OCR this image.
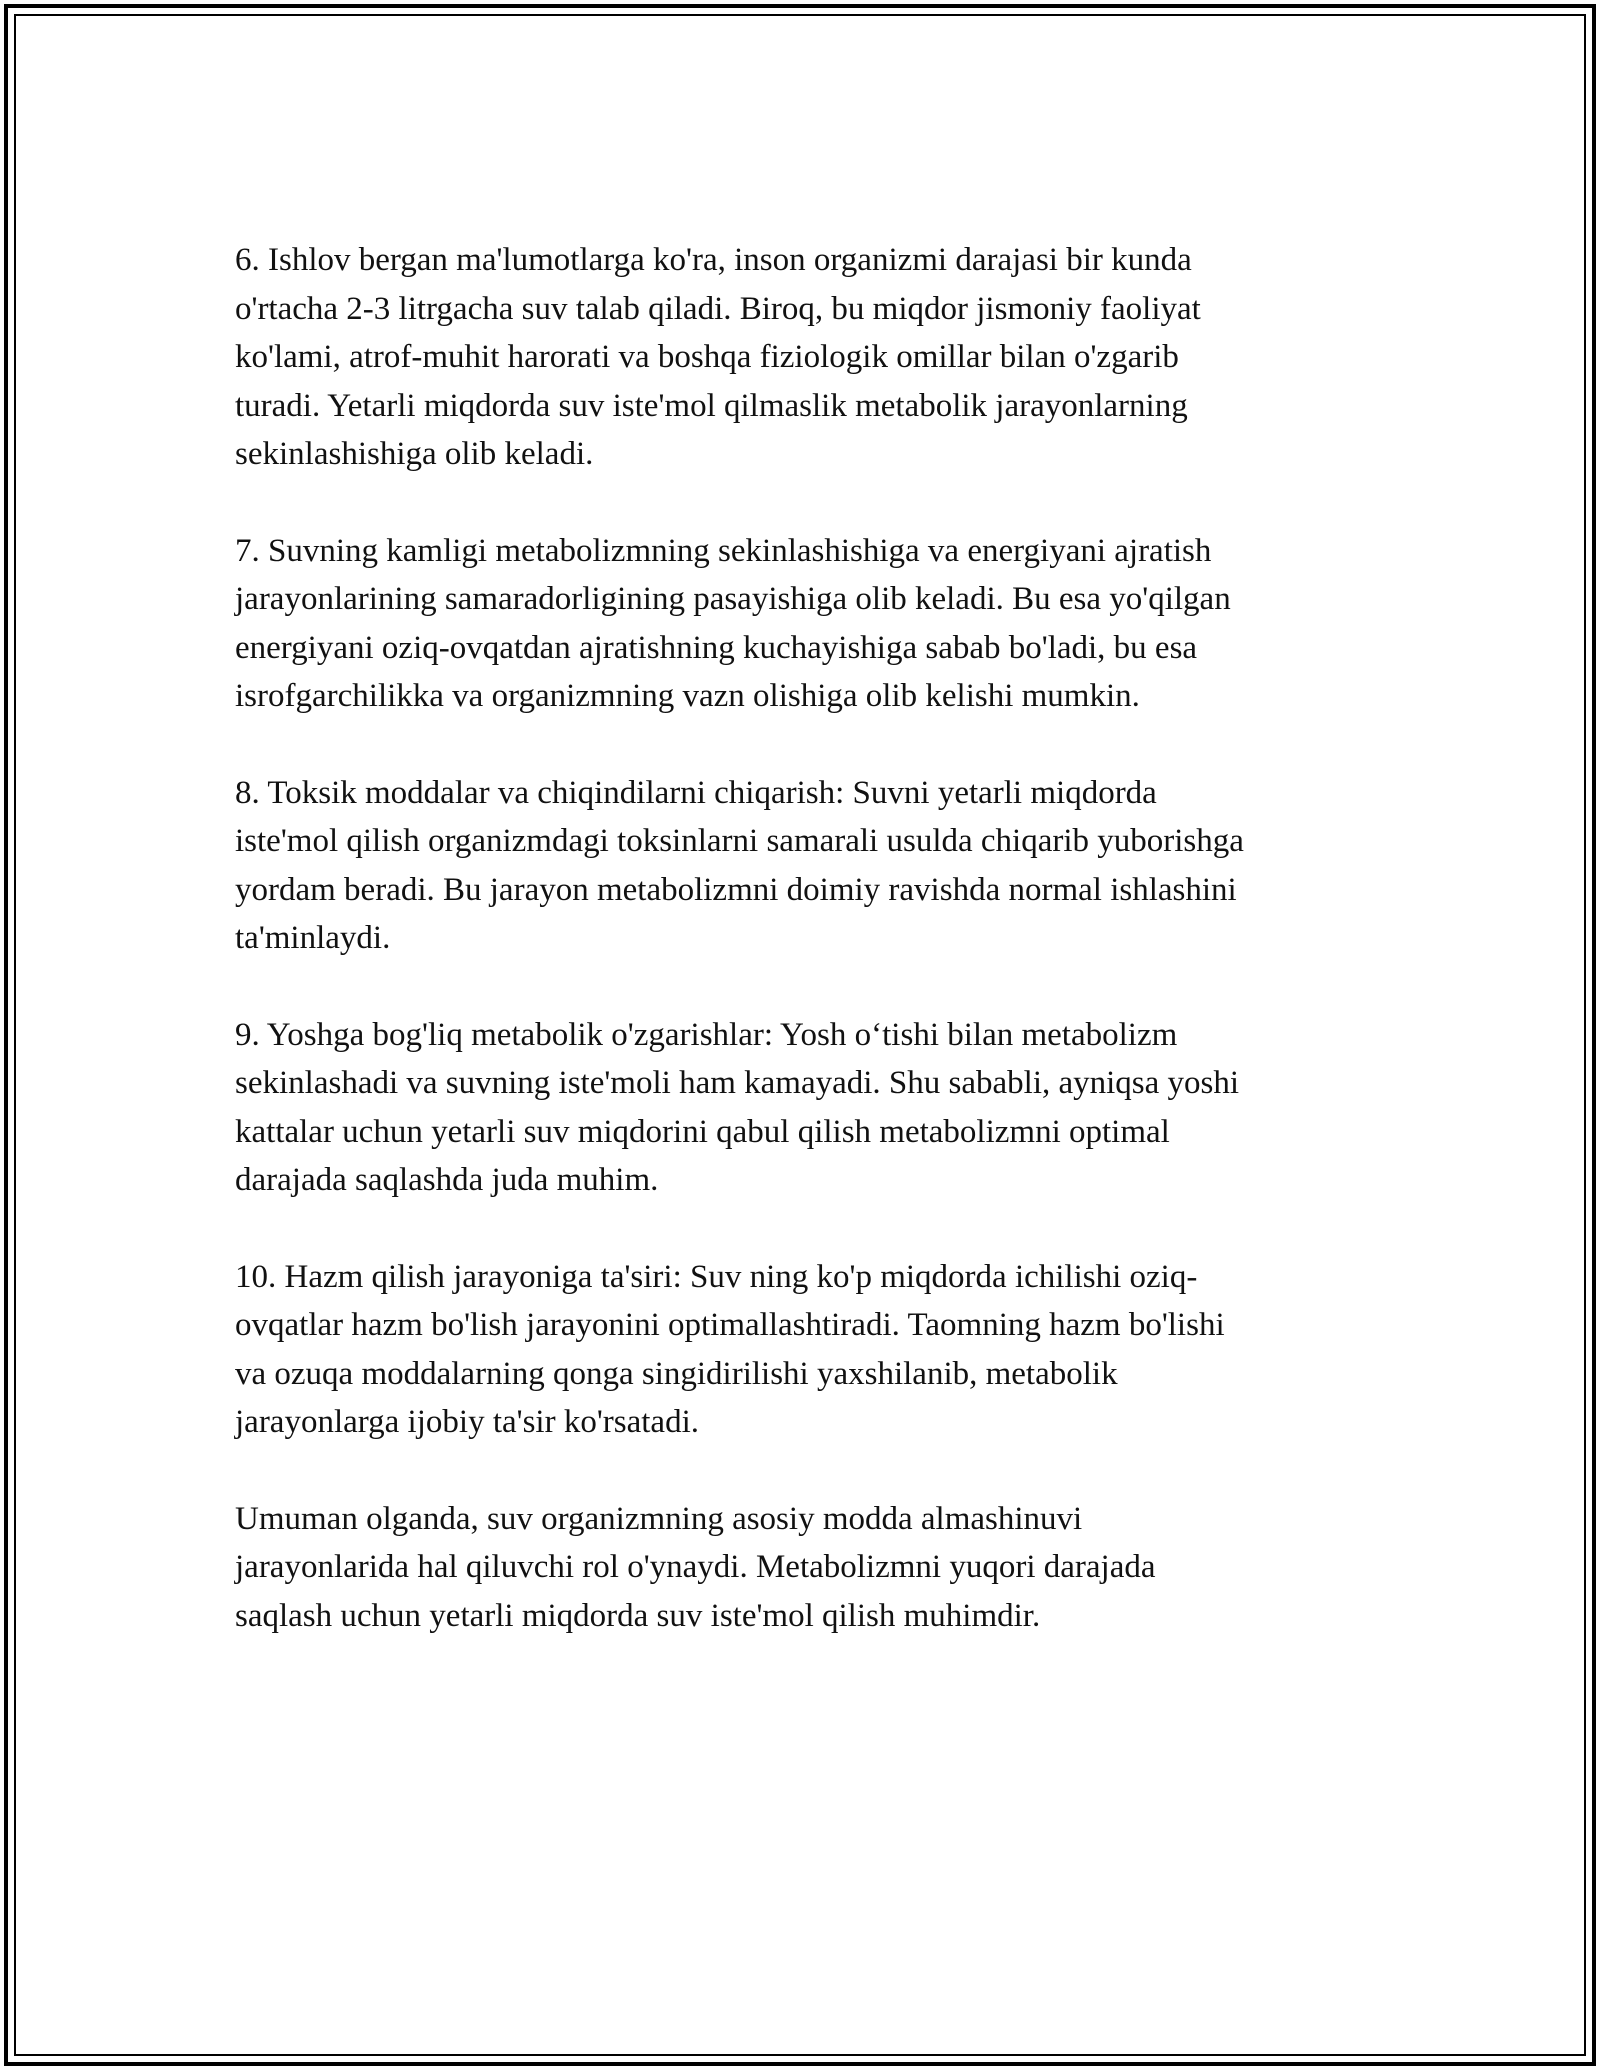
6. Ishlov bergan ma'lumotlarga ko'ra, inson organizmi darajasi bir kunda
o'rtacha 2-3 litrgacha suv talab qiladi. Biroq, bu miqdor jismoniy faoliyat
ko'lami, atrof-muhit harorati va boshqa fiziologik omillar bilan o'zgarib
turadi. Yetarli miqdorda suv iste'mol qilmaslik metabolik jarayonlarning
sekinlashishiga olib keladi.

7. Suvning kamligi metabolizmning sekinlashishiga va energiyani ajratish
jarayonlarining samaradorligining pasayishiga olib keladi. Bu esa yo'qilgan
energiyani oziq-ovqatdan ajratishning kuchayishiga sabab bo'ladi, bu esa
isrofgarchilikka va organizmning vazn olishiga olib kelishi mumkin.

8. Toksik moddalar va chiqindilarni chiqarish: Suvni yetarli miqdorda
iste'mol qilish organizmdagi toksinlarni samarali usulda chiqarib yuborishga
yordam beradi. Bu jarayon metabolizmni doimiy ravishda normal ishlashini
ta'minlaydi.

9. Yoshga bog'liq metabolik o'zgarishlar: Yosh o‘tishi bilan metabolizm
sekinlashadi va suvning iste'moli ham kamayadi. Shu sababli, ayniqsa yoshi
kattalar uchun yetarli suv miqdorini qabul qilish metabolizmni optimal
darajada saqlashda juda muhim.

10. Hazm qilish jarayoniga ta'siri: Suv ning ko'p miqdorda ichilishi oziq-
ovqatlar hazm bo'lish jarayonini optimallashtiradi. Taomning hazm bo'lishi
va ozuqa moddalarning qonga singidirilishi yaxshilanib, metabolik
jarayonlarga ijobiy ta'sir ko'rsatadi.

Umuman olganda, suv organizmning asosiy modda almashinuvi
jarayonlarida hal qiluvchi rol o'ynaydi. Metabolizmni yuqori darajada
saqlash uchun yetarli miqdorda suv iste'mol qilish muhimdir.
